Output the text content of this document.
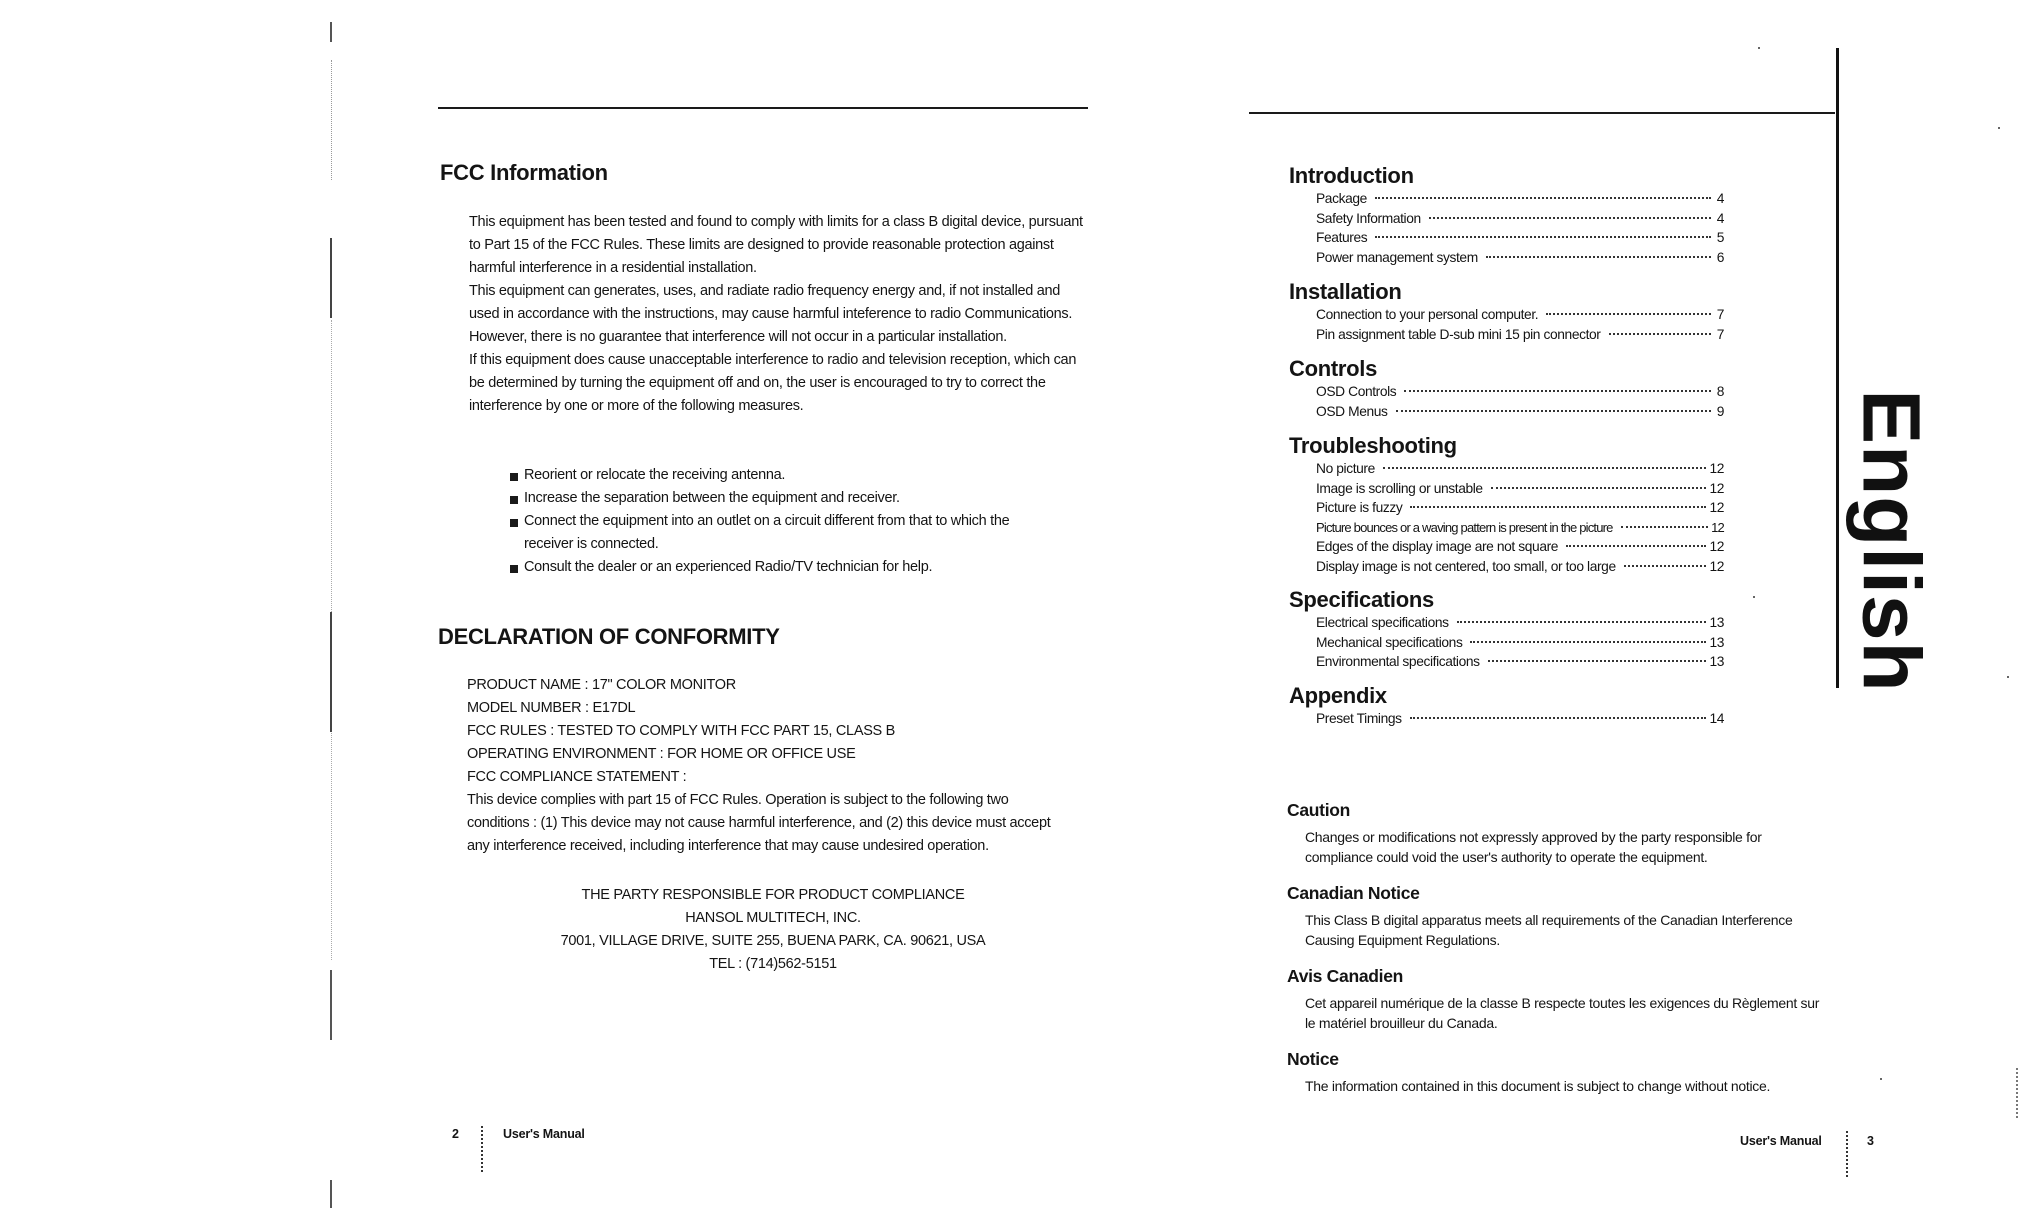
FCC Information

This equipment has been tested and found to comply with limits for a class B digital device, pursuant to Part 15 of the FCC Rules. These limits are designed to provide reasonable protection against harmful interference in a residential installation.

This equipment can generates, uses, and radiate radio frequency energy and, if not installed and used in accordance with the instructions, may cause harmful inteference to radio Communications. However, there is no guarantee that interference will not occur in a particular installation.

If this equipment does cause unacceptable interference to radio and television reception, which can be determined by turning the equipment off and on, the user is encouraged to try to correct the interference by one or more of the following measures.

Reorient or relocate the receiving antenna.
Increase the separation between the equipment and receiver.
Connect the equipment into an outlet on a circuit different from that to which the receiver is connected.
Consult the dealer or an experienced Radio/TV technician for help.
DECLARATION OF CONFORMITY
PRODUCT NAME : 17" COLOR MONITOR
MODEL NUMBER : E17DL
FCC RULES : TESTED TO COMPLY WITH FCC PART 15, CLASS B
OPERATING ENVIRONMENT : FOR HOME OR OFFICE USE
FCC COMPLIANCE STATEMENT :
This device complies with part 15 of FCC Rules. Operation is subject to the following two
conditions : (1) This device may not cause harmful interference, and (2) this device must accept
any interference received, including interference that may cause undesired operation.
THE PARTY RESPONSIBLE FOR PRODUCT COMPLIANCE
HANSOL MULTITECH, INC.
7001, VILLAGE DRIVE, SUITE 255, BUENA PARK, CA. 90621, USA
TEL : (714)562-5151
2	User's Manual
Introduction
Package	4
Safety Information	4
Features	5
Power management system	6
Installation
Connection to your personal computer.	7
Pin assignment table D-sub mini 15 pin connector	7
Controls
OSD Controls	8
OSD Menus	9
Troubleshooting
No picture	12
Image is scrolling or unstable	12
Picture is fuzzy	12
Picture bounces or a waving pattern is present in the picture	12
Edges of the display image are not square	12
Display image is not centered, too small, or too large	12
Specifications
Electrical specifications	13
Mechanical specifications	13
Environmental specifications	13
Appendix
Preset Timings	14
Caution

Changes or modifications not expressly approved by the party responsible for compliance could void the user's authority to operate the equipment.

Canadian Notice

This Class B digital apparatus meets all requirements of the Canadian Interference Causing Equipment Regulations.

Avis Canadien

Cet appareil numérique de la classe B respecte toutes les exigences du Règlement sur le matériel brouilleur du Canada.

Notice

The information contained in this document is subject to change without notice.

English
User's Manual	3
